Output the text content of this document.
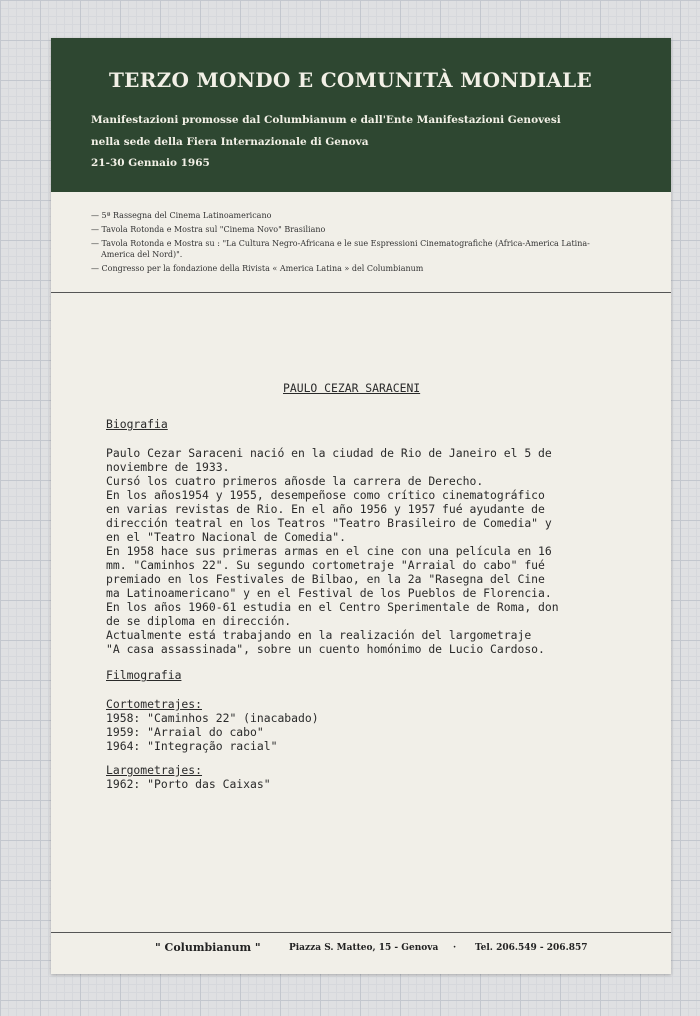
TERZO MONDO E COMUNITÀ MONDIALE
Manifestazioni promosse dal Columbianum e dall'Ente Manifestazioni Genovesi
nella sede della Fiera Internazionale di Genova
21-30 Gennaio 1965
— 5ª Rassegna del Cinema Latinoamericano
— Tavola Rotonda e Mostra sul "Cinema Novo" Brasiliano
— Tavola Rotonda e Mostra su : "La Cultura Negro-Africana e le sue Espressioni Cinematografiche (Africa-America Latina-
America del Nord)".
— Congresso per la fondazione della Rivista « America Latina » del Columbianum
PAULO CEZAR SARACENI
Biografia
Paulo Cezar Saraceni nació en la ciudad de Rio de Janeiro el 5 de
noviembre de 1933.
Cursó los cuatro primeros añosde la carrera de Derecho.
En los años1954 y 1955, desempeñose como crítico cinematográfico
en varias revistas de Rio. En el año 1956 y 1957 fué ayudante de
dirección teatral en los Teatros "Teatro Brasileiro de Comedia" y
en el "Teatro Nacional de Comedia".
En 1958 hace sus primeras armas en el cine con una película en 16
mm. "Caminhos 22". Su segundo cortometraje "Arraial do cabo" fué
premiado en los Festivales de Bilbao, en la 2a "Rasegna del Cine
ma Latinoamericano" y en el Festival de los Pueblos de Florencia.
En los años 1960-61 estudia en el Centro Sperimentale de Roma, don
de se diploma en dirección.
Actualmente está trabajando en la realización del largometraje
"A casa assassinada", sobre un cuento homónimo de Lucio Cardoso.
Filmografia
Cortometrajes:
1958: "Caminhos 22" (inacabado)
1959: "Arraial do cabo"
1964: "Integração racial"
Largometrajes:
1962: "Porto das Caixas"
" Columbianum "	Piazza S. Matteo, 15 - Genova · Tel. 206.549 - 206.857
